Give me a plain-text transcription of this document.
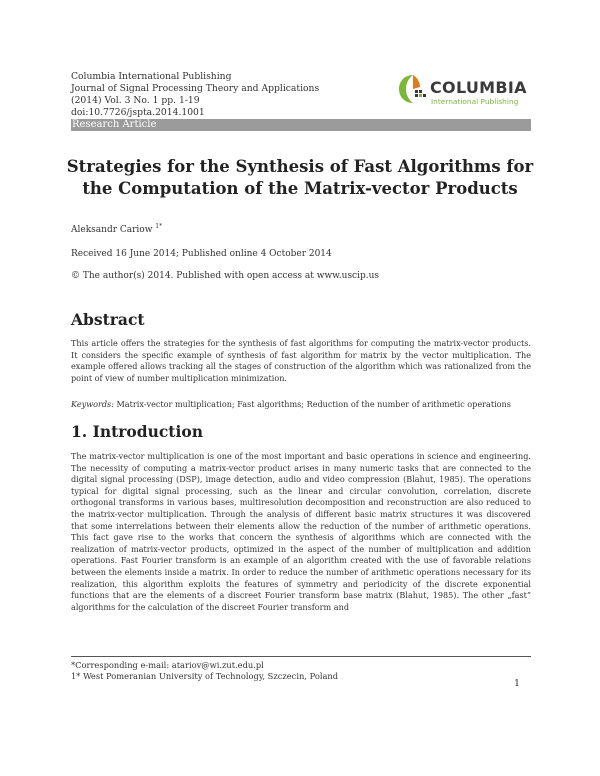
Columbia International Publishing
Journal of Signal Processing Theory and Applications
(2014) Vol. 3 No. 1 pp. 1-19
doi:10.7726/jspta.2014.1001
Research Article
COLUMBIA
International Publishing
Strategies for the Synthesis of Fast Algorithms for the Computation of the Matrix-vector Products
Aleksandr Cariow $^{1*}$
Received 16 June 2014; Published online 4 October 2014
© The author(s) 2014. Published with open access at www.uscip.us
Abstract
This article offers the strategies for the synthesis of fast algorithms for computing the matrix-vector products. It considers the specific example of synthesis of fast algorithm for matrix by the vector multiplication. The example offered allows tracking all the stages of construction of the algorithm which was rationalized from the point of view of number multiplication minimization.
Keywords: Matrix-vector multiplication; Fast algorithms; Reduction of the number of arithmetic operations
1. Introduction
The matrix-vector multiplication is one of the most important and basic operations in science and engineering. The necessity of computing a matrix-vector product arises in many numeric tasks that are connected to the digital signal processing (DSP), image detection, audio and video compression (Blahut, 1985). The operations typical for digital signal processing, such as the linear and circular convolution, correlation, discrete orthogonal transforms in various bases, multiresolution decomposition and reconstruction are also reduced to the matrix-vector multiplication. Through the analysis of different basic matrix structures it was discovered that some interrelations between their elements allow the reduction of the number of arithmetic operations. This fact gave rise to the works that concern the synthesis of algorithms which are connected with the realization of matrix-vector products, optimized in the aspect of the number of multiplication and addition operations. Fast Fourier transform is an example of an algorithm created with the use of favorable relations between the elements inside a matrix. In order to reduce the number of arithmetic operations necessary for its realization, this algorithm exploits the features of symmetry and periodicity of the discrete exponential functions that are the elements of a discreet Fourier transform base matrix (Blahut, 1985). The other „fast” algorithms for the calculation of the discreet Fourier transform and
*Corresponding e-mail: atariov@wi.zut.edu.pl
1* West Pomeranian University of Technology, Szczecin, Poland
1
